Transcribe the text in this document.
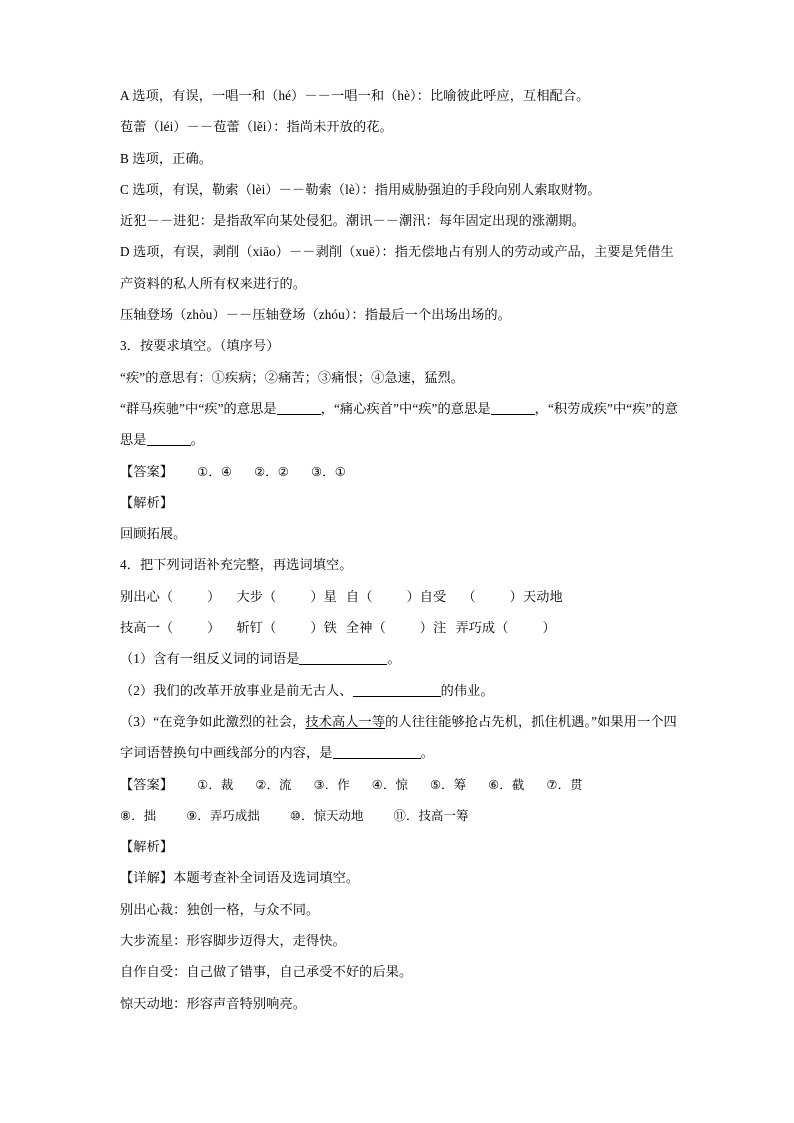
A 选项，有误，一唱一和（hé）－－一唱一和（hè）：比喻彼此呼应，互相配合。
苞蕾（léi）－－苞蕾（lěi）：指尚未开放的花。
B 选项，正确。
C 选项，有误，勒索（lèi）－－勒索（lè）：指用威胁强迫的手段向别人索取财物。
近犯－－进犯：是指敌军向某处侵犯。潮讯－－潮汛：每年固定出现的涨潮期。
D 选项，有误，剥削（xiāo）－－剥削（xuē）：指无偿地占有别人的劳动或产品，主要是凭借生产资料的私人所有权来进行的。
压轴登场（zhòu）－－压轴登场（zhóu）：指最后一个出场出场的。
3．按要求填空。（填序号）
“疾”的意思有：①疾病；②痛苦；③痛恨；④急速，猛烈。
“群马疾驰”中“疾”的意思是	，“痛心疾首”中“疾”的意思是	，“积劳成疾”中“疾”的意思是	。
【答案】 ①．④ ②．② ③．①
【解析】
回顾拓展。
4．把下列词语补充完整，再选词填空。
别出心（	） 大步（	）星 自（	）自受 （	）天动地
技高一（	） 斩钉（	）铁 全神（	）注 弄巧成（	）
（1）含有一组反义词的词语是	。
（2）我们的改革开放事业是前无古人、	的伟业。
（3）“在竞争如此激烈的社会，技术高人一等的人往往能够抢占先机，抓住机遇。”如果用一个四字词语替换句中画线部分的内容，是	。
【答案】 ①．裁 ②．流 ③．作 ④．惊 ⑤．筹 ⑥．截 ⑦．贯
⑧．拙 ⑨．弄巧成拙 ⑩．惊天动地 ⑪．技高一筹
【解析】
【详解】本题考查补全词语及选词填空。
别出心裁：独创一格，与众不同。
大步流星：形容脚步迈得大，走得快。
自作自受：自己做了错事，自己承受不好的后果。
惊天动地：形容声音特别响亮。
